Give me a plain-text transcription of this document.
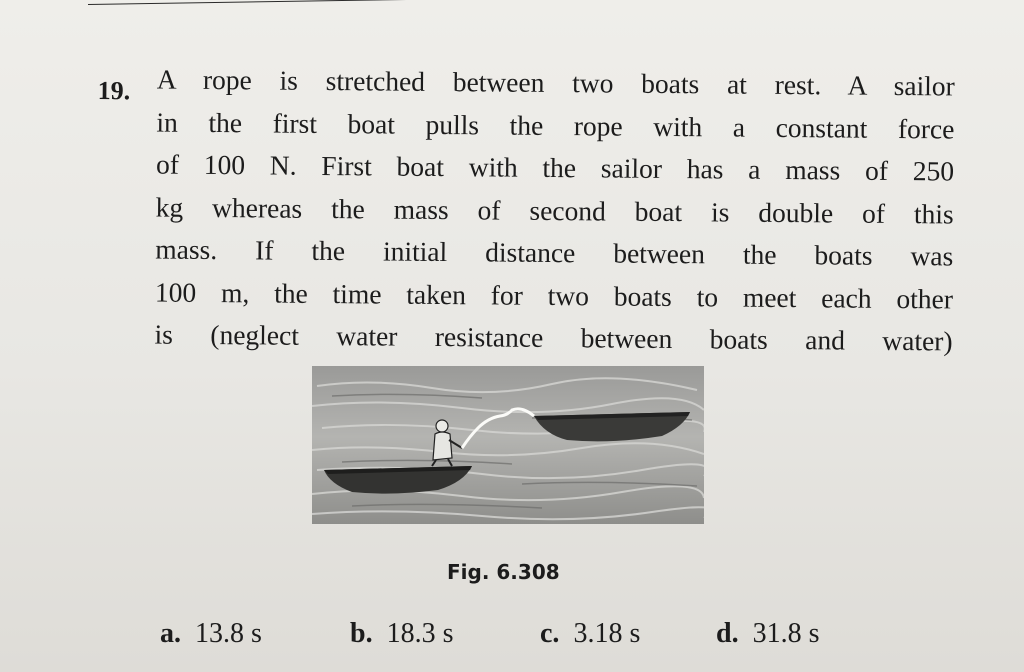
19. A rope is stretched between two boats at rest. A sailor
in the first boat pulls the rope with a constant force
of 100 N. First boat with the sailor has a mass of 250
kg whereas the mass of second boat is double of this
mass. If the initial distance between the boats was
100 m, the time taken for two boats to meet each other
is (neglect water resistance between boats and water)
Fig. 6.308
a. 13.8 s	b. 18.3 s	c. 3.18 s	d. 31.8 s
